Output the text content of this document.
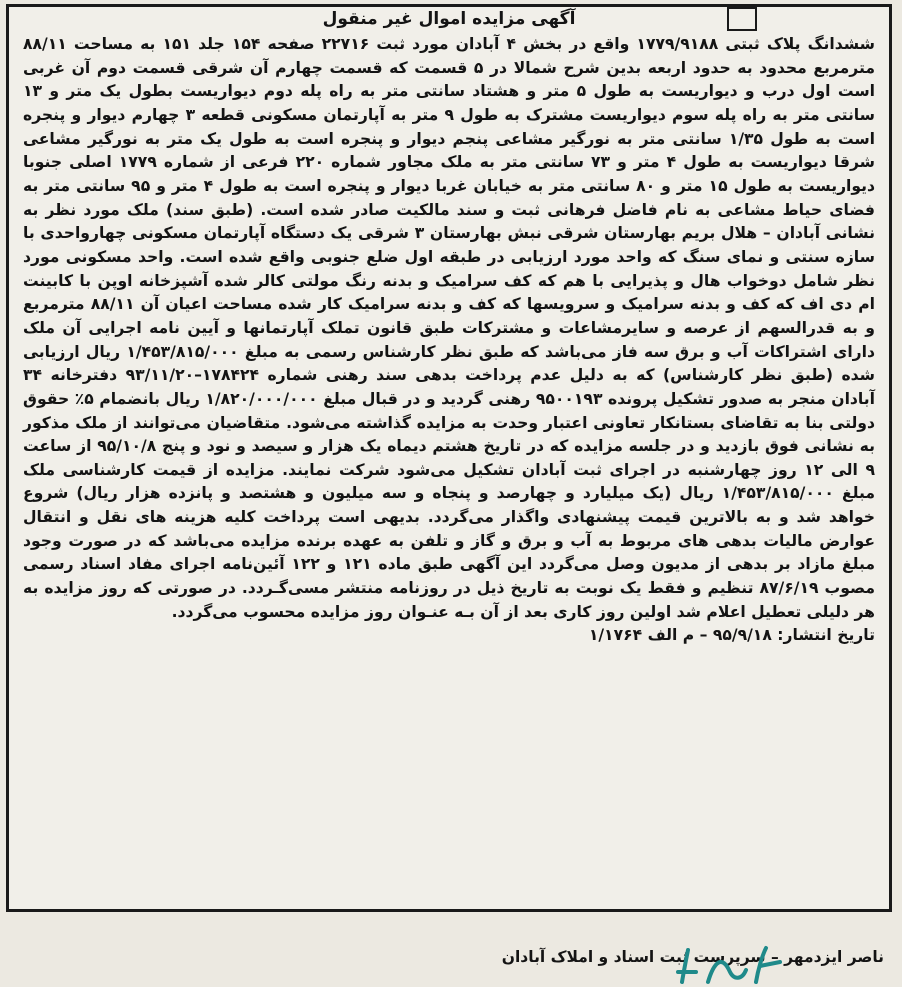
آگهی مزایده اموال غیر منقول

ششدانگ پلاک ثبتی ۱۷۷۹/۹۱۸۸ واقع در بخش ۴ آبادان مورد ثبت ۲۲۷۱۶ صفحه ۱۵۴ جلد ۱۵۱ به مساحت ۸۸/۱۱ مترمربع محدود به حدود اربعه بدین شرح شمالا در ۵ قسمت که قسمت چهارم آن شرقی قسمت دوم آن غربی است اول درب و دیواریست به طول ۵ متر و هشتاد سانتی متر به راه پله دوم دیواریست بطول یک متر و ۱۳ سانتی متر به راه پله سوم دیواریست مشترک به طول ۹ متر به آپارتمان مسکونی قطعه ۳ چهارم دیوار و پنجره است به طول ۱/۳۵ سانتی متر به نورگیر مشاعی پنجم دیوار و پنجره است به طول یک متر به نورگیر مشاعی شرقا دیواریست به طول ۴ متر و ۷۳ سانتی متر به ملک مجاور شماره ۲۲۰ فرعی از شماره ۱۷۷۹ اصلی جنوبا دیواریست به طول ۱۵ متر و ۸۰ سانتی متر به خیابان غربا دیوار و پنجره است به طول ۴ متر و ۹۵ سانتی متر به فضای حیاط مشاعی به نام فاضل فرهانی ثبت و سند مالکیت صادر شده است. (طبق سند) ملک مورد نظر به نشانی آبادان – هلال بریم بهارستان شرقی نبش بهارستان ۳ شرقی یک دستگاه آپارتمان مسکونی چهارواحدی با سازه سنتی و نمای سنگ که واحد مورد ارزیابی در طبقه اول ضلع جنوبی واقع شده است. واحد مسکونی مورد نظر شامل دوخواب هال و پذیرایی با هم که کف سرامیک و بدنه رنگ مولتی کالر شده آشپزخانه اوپن با کابینت ام دی اف که کف و بدنه سرامیک و سرویسها که کف و بدنه سرامیک کار شده مساحت اعیان آن ۸۸/۱۱ مترمربع و به قدرالسهم از عرصه و سایرمشاعات و مشترکات طبق قانون تملک آپارتمانها و آیین نامه اجرایی آن ملک دارای اشتراکات آب و برق سه فاز می‌باشد که طبق نظر کارشناس رسمی به مبلغ ۱/۴۵۳/۸۱۵/۰۰۰ ریال ارزیابی شده (طبق نظر کارشناس) که به دلیل عدم پرداخت بدهی سند رهنی شماره ۱۷۸۴۲۴–۹۳/۱۱/۲۰ دفترخانه ۳۴ آبادان منجر به صدور تشکیل پرونده ۹۵۰۰۱۹۳ رهنی گردید و در قبال مبلغ ۱/۸۲۰/۰۰۰/۰۰۰ ریال بانضمام ۵٪ حقوق دولتی بنا به تقاضای بستانکار تعاونی اعتبار وحدت به مزایده گذاشته می‌شود. متقاضیان می‌توانند از ملک مذکور به نشانی فوق بازدید و در جلسه مزایده که در تاریخ هشتم دیماه یک هزار و سیصد و نود و پنج ۹۵/۱۰/۸ از ساعت ۹ الی ۱۲ روز چهارشنبه در اجرای ثبت آبادان تشکیل می‌شود شرکت نمایند. مزایده از قیمت کارشناسی ملک مبلغ ۱/۴۵۳/۸۱۵/۰۰۰ ریال (یک میلیارد و چهارصد و پنجاه و سه میلیون و هشتصد و پانزده هزار ریال) شروع خواهد شد و به بالاترین قیمت پیشنهادی واگذار می‌گردد. بدیهی است پرداخت کلیه هزینه های نقل و انتقال عوارض مالیات بدهی های مربوط به آب و برق و گاز و تلفن به عهده برنده مزایده می‌باشد که در صورت وجود مبلغ مازاد بر بدهی از مدیون وصل می‌گردد این آگهی طبق ماده ۱۲۱ و ۱۲۲ آئین‌نامه اجرای مفاد اسناد رسمی مصوب ۸۷/۶/۱۹ تنظیم و فقط یک نوبت به تاریخ ذیل در روزنامه منتشر مسی‌گـردد. در صورتی که روز مزایده به هر دلیلی تعطیل اعلام شد اولین روز کاری بعد از آن بـه عنـوان روز مزایده محسوب می‌گردد.

تاریخ انتشار: ۹۵/۹/۱۸ – م الف ۱/۱۷۶۴
ناصر ایزدمهر – سرپرست ثبت اسناد و املاک آبادان
